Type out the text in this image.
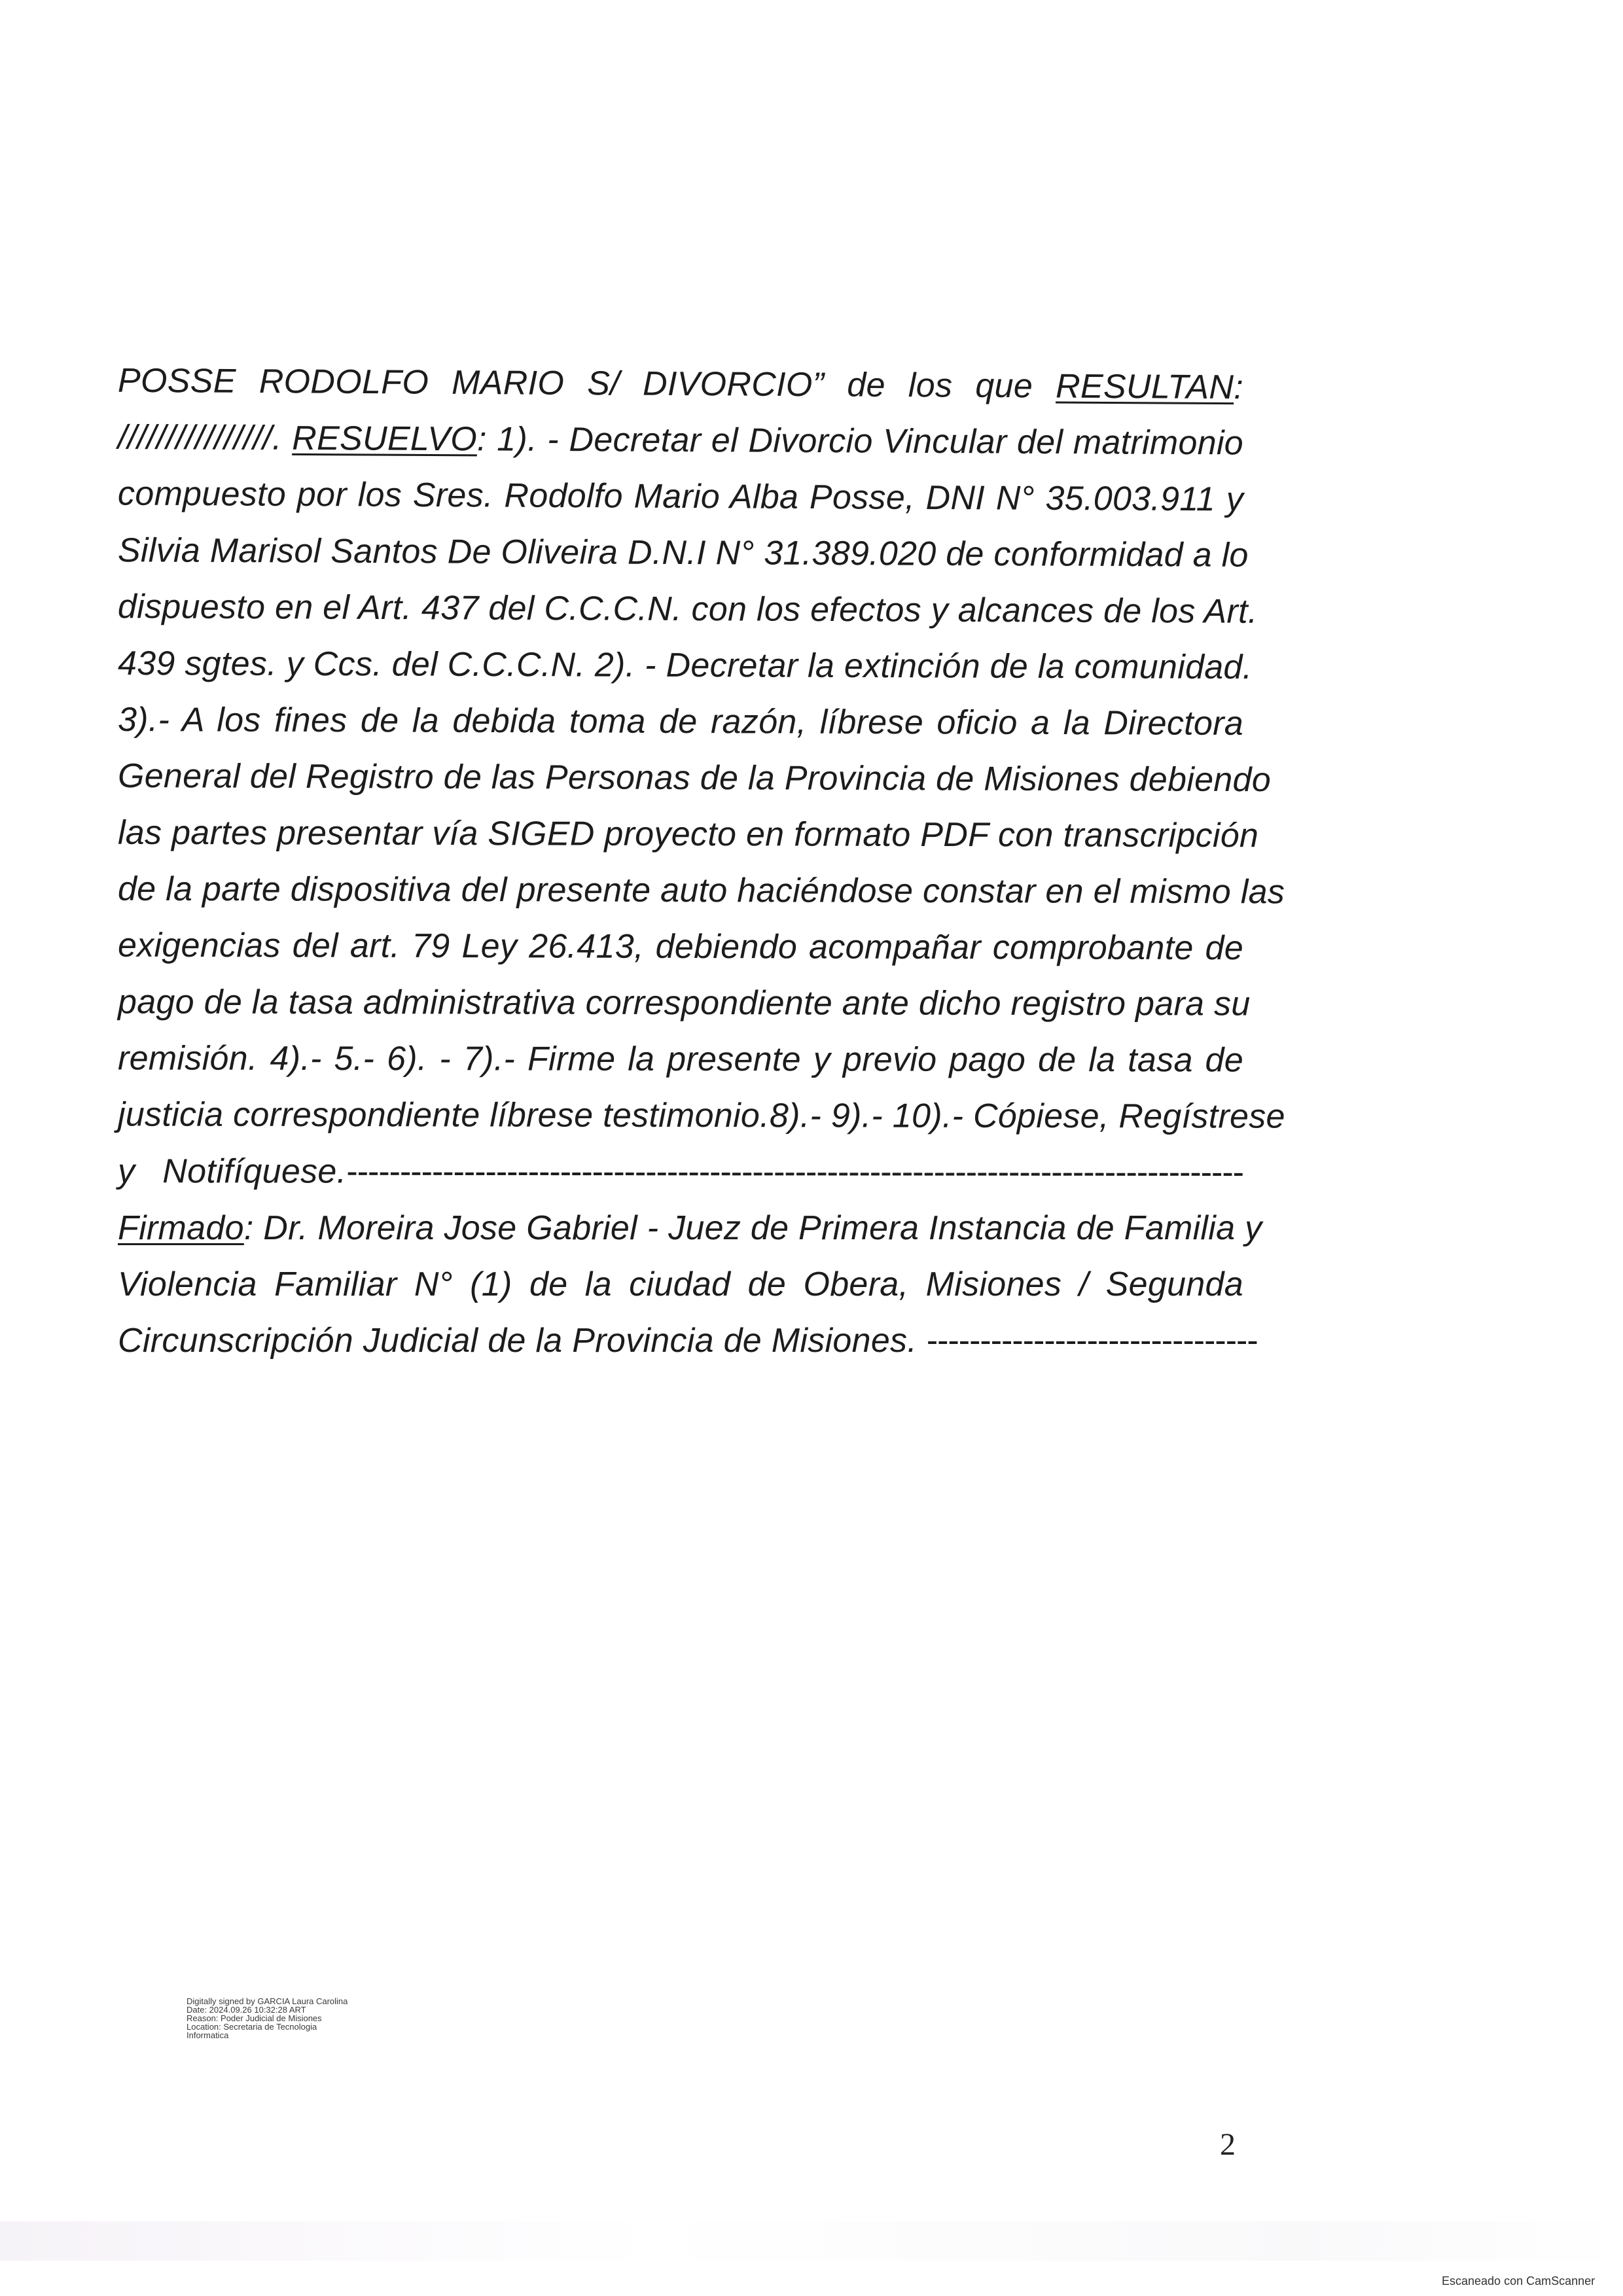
POSSE RODOLFO MARIO S/ DIVORCIO” de los que RESULTAN:
////////////////. RESUELVO: 1). - Decretar el Divorcio Vincular del matrimonio
compuesto por los Sres. Rodolfo Mario Alba Posse, DNI N° 35.003.911 y
Silvia Marisol Santos De Oliveira D.N.I N° 31.389.020 de conformidad a lo
dispuesto en el Art. 437 del C.C.C.N. con los efectos y alcances de los Art.
439 sgtes. y Ccs. del C.C.C.N. 2). - Decretar la extinción de la comunidad.
3).- A los fines de la debida toma de razón, líbrese oficio a la Directora
General del Registro de las Personas de la Provincia de Misiones debiendo
las partes presentar vía SIGED proyecto en formato PDF con transcripción
de la parte dispositiva del presente auto haciéndose constar en el mismo las
exigencias del art. 79 Ley 26.413, debiendo acompañar comprobante de
pago de la tasa administrativa correspondiente ante dicho registro para su
remisión. 4).- 5.- 6). - 7).- Firme la presente y previo pago de la tasa de
justicia correspondiente líbrese testimonio.8).- 9).- 10).- Cópiese, Regístrese
y Notifíquese.------------------------------------------------------------------------------------
Firmado: Dr. Moreira Jose Gabriel - Juez de Primera Instancia de Familia y
Violencia Familiar N° (1) de la ciudad de Obera, Misiones / Segunda
Circunscripción Judicial de la Provincia de Misiones. -------------------------------
Digitally signed by GARCIA Laura Carolina
Date: 2024.09.26 10:32:28 ART
Reason: Poder Judicial de Misiones
Location: Secretaria de Tecnologia
Informatica
2
Escaneado con CamScanner
